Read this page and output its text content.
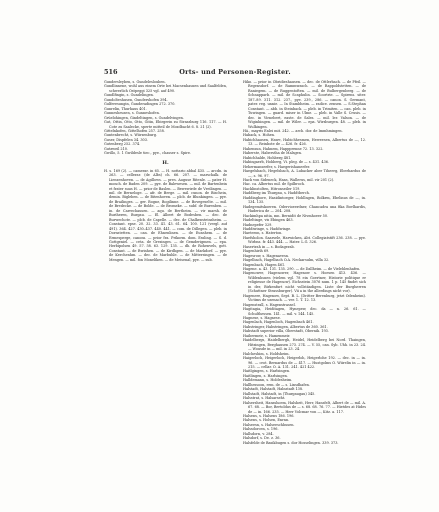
516	Orts- und Personen-Register.

Gundersleyben, s. Gundeleslouben.

Gundlinnene, wohl aus einem Orte bei Macsenhausen und Saalfelden, schwerlich Ostpeggi 325 vgl. auf 490.

Gundlfingin, s. Gundelingen.

Gundolteshusen, Gundershofen 394.

Gulferesungin, Gunderadingen 272. 370.

Gunrelin, Thurhaus 401.

Gunnesheusen, s. Gunneshofen.

Grüelohingen, Gindeltingen, s. Gundelvingen.

Gut, Ottin, Otto, Otto, Gitin, Ebirgerin zu Straszburg 116. 117. — H. Cote zu Saalecke, sperte mitteil de Mozdbacht 6. 8. 21 (2).

Gittelnkofen, Gittelhofen 257. 258.

Guntenbrecht, s. Würzenburg.

Guser, Dispfelen 34. 303.

Gutenberg 252. 374.

Gutzweil 210.

Gwillo, 5. 1 Gwildesle tiec., pye., chasser s. Spire.

H.

H. s. 169 (2). — camerar. in 65. — H. nottario abbal 435. — arcdn. in 263. — cellerar. (de Albs) ch. 66. 207. — marschalk. de Lienzenhoven. — de Agillows. — pres. Auguse Ritenle. — pater H. monch. de Baden 209. — pye. de Balewesen. — mil. de Bartenbein et frater suus H. — prior de Baslen. — Bewewirde de Vreilingen. — mil. de Berneloge. — afr. de Berge. — mil. cunon. de Bischein, demin. Bigleben. — de Bitenhoven. — plcb. de Blunkingen. — pye. de Brailinges. — ger. Bogne, Bogilinne. — de Bovegeselte. — mil. de Bredecke. — de Bolde. — de Bromeke. — subf. de Burenben. — in. de Carrechausen. — aqu. de Bertheim. — vir marsh. de Buriheren, Burgau. — El. Albert de Bodesben. — dec. de Burwechote. — plcb. de Capelle. — dec. de Chalkensteinsheim. — Constant. epse. 20. 32. 33. 41. 43. 61. 64. 100. 121 (vergl. auf 491). 364. 427. 430–437. 440. 441. — com. de Dillegen. — pleb. in Dornstetten. — can. de Ehnenlinen. — de Eunshem. — de Ermesperge, canons. — prior fra. Prikorm. dom. Essling. — S. d. Gottgeniel. — ceta. de Grezinges. — de Gemderigmen. — epa. Herbipolsen 49. 57. 58. 63. 129. 135. — dh. de Rohenvels, gott. Constant. — de Rwinhen. — de Kirdhgen. — de Markdorf. — pye. de Kerchenhm. — dec. de Marbuhle. — de Mittersingen. — de Mengen. — mil. fon Moneliken. — de Meisenal, pye. — sub.

Hiko. — prior in Obridieshausen. — dec. de Ottlerbach. — de Pfeil. — Regensdorf. — de Rammwasch. — de Rappoldstetten. — de Raniegem. — de Ruggentoften. — mil. de Bulbergenberg. — de Schnapparb. — mil. de Scaphulin. — Soortrie. — Spirens. siter. 187–89. 311. 312. 237., pye. 239., 286. — canon. S. Germant, pater. reg. unnie. — In Stambheim. — radice. zensen. — S.Stephan Constant. — abb. in Steinback. — pleb. in Trimiten. — can. pleb. in Tuwingen. — guard. miser in Ulme. — pleb. in Valle S. Crusis. — dec. in Virnebert, easte. de Sales. — mil. ler. Valson. — de Wiginhingen. — mil. de Wiler. — epa. Wirzburgen. 48. — pleb. in Wulkingen.

Hä., mayris Enlei mit. 242. — arch. dor. de Immhmingen.

Haback, s. Hohen.

Habichhausen, Hawe, Habichhesmen, Heweesen, Albertus de —, 12. 13. — Reinbote de — 426. fr. 426.

Hahensun, Hahnem, Happprenne 72. 13. 322.

Haberste, Haberstha de Malsgen.

Habichhalde, Hohberg 481.

Habingaerb, Hohberg, Vi. pleg. de — s. 431. 436.

Hehermanseefer, s. Haegerishaneefer.

Haegelsbach, Hegelsbach, A. Lubacker aber Tiheerg, Eberhardus de —, s. 96. 97.

Hack von Sideneck, Hans, Wallerus, mil. vir 201 (2).

Hac. ca. Albertus mil. de Spilbroch.

Hacklinstolten, Hitronseiler 519.

Haddberg im Thurgau, s. Haddtberch.

Haddinghore, Hasidintoeger, Hohllngen, Bolkrm, Ebelinus de —, in. 134. 135.

Hadegemitskoeren. Odervioeerdner, Chancadra una fika Bovlhardis, Haderica de — 204. 208.

Hackimhpa nitia, mn. Bernidit de Nivmhoeer 50.

Hadeltinge, vis Ebingen 463.

Hadnepefer 329.

Haddiwinge, s. Haddwinge.

Haeteron, s. Haterton.

Haefsholon. Saarsele, Harwicken, Abt. Collegiatstift 236. 238. — pye. Wirbns. fr. 443. 444. — Hater. L.G. 326.

Hasertrah in — s. Bodagerab.

Hagenhirih 69.

Hagesrow, s. Hagenavesn.

Hagelbach, Hagelbach O.A. Neckarsulm, villa 32.

Hagenbach, Hagen 461.

Hagene. a. 43. 131. 135. 290. — de Dallheim. — de Vielehlenhafen.

Hagenower, Hagenower, Hagenow s. Hoesen 413. 436. — Wildenhusen (vielem vgl. 78 ein Goertner, Historie politique er religieuse de Hagenow). Eichsstein 3076 num. 1 p. 145 findet sich in der, Birkenfurt nicht vollständigen. Liste der Burgherren (Schuttner Strassburger). Vii a in the allerdings nicht vor).

Hagenere, Hagenow, Sept. B. L. (Dritter Berenburg, jetzt Odenheim). Victims de usenach. — ver. 1. T. 12. 13.

Hagenstrall, s. Hagenstrassel.

Hagitagia, Heiditagen, Hynepew, dec. da — n. 26. 61. — Schulthessen. 141. — mil. v. 144. 145.

Hagnese, s. Hagnese.

Hagenlach, Hagenloch, Hagenbach 461.

Habstringer, Habstringen, Albertus de 360. 361.

Habstadt superior villa, Oberstadt, Obernik. 193.

Haibermeir, s. Hamenmeir.

Haidelbergs, Haidelbergh, Heidel, Heidelberg bei Nord. Thaingen, Hitzingen, Berghausen 273. 274. — V. 55, can. Syb. Uhh. in 23. 24. — Wousde in — mil. in 23. 24.

Halcheshim, s. Holdsheim.

Haigerloch, Heigerloch, Heigerloh, Heigerlohe 192. — dec. in — in. 96. — crot. Bernardus de — 417. — Hustgolms O. Wiirelin in — in. 215. — cellar. O. A. 131. 241. 421 422.

Haitlgingen, s. Harlsingen.

Haitlingen, s. Harlsingen.

Halldemann, s. Holdesheim.

Hallhessoon, rem. de — s. Linsdhafen.

Halstadt, Halstadt, Halnstadt 138.

Hallstadt, Halstadt, in (Thurgaugau) 345.

Halsstrat, s. Halsarseht.

Halsersheit, Hansshoem, Halsheit, Herr, Hansfelt, Albert de — mil. A. 67. 68. — Bor, Bertoldus de — s. 68. 68. 76. 77. — Hietdes at Hides de — in. 166. 235. — Herr Volcmar von —, Kitz. a. 117.

Halsens, s. Halsens 186. 196.

Halsens, s. Holsen, Enrnn.

Halseesn, s. Halseeschhusen.

Halssdorcen, s. 196.

Hallsdorn, v. 284.

Halsdorf, s. De. z. 36.

Halsfelde de Basikbugen s. dor Hosselingen. 339. 373.
